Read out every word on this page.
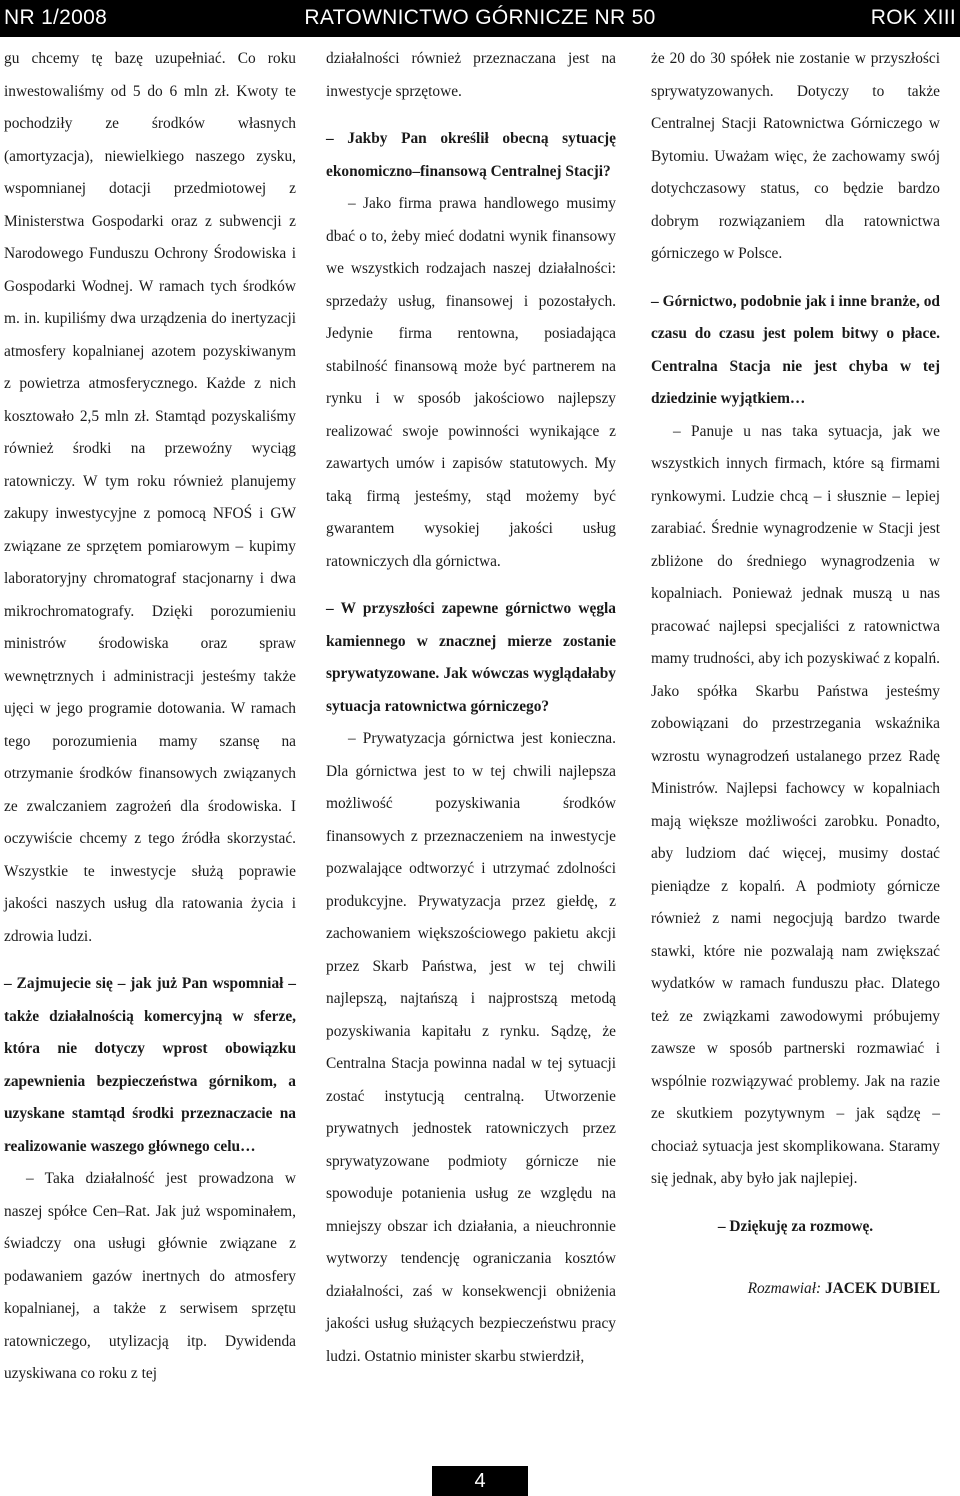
RATOWNICTWO GÓRNICZE NR 50
NR 1/2008	ROK XIII

gu chcemy tę bazę uzupełniać. Co roku inwestowaliśmy od 5 do 6 mln zł. Kwoty te pochodziły ze środków własnych (amortyzacja), niewielkiego naszego zysku, wspomnianej dotacji przedmiotowej z Ministerstwa Gospodarki oraz z subwencji z Narodowego Funduszu Ochrony Środowiska i Gospodarki Wodnej. W ramach tych środków m. in. kupiliśmy dwa urządzenia do inertyzacji atmosfery kopalnianej azotem pozyskiwanym z powietrza atmosferycznego. Każde z nich kosztowało 2,5 mln zł. Stamtąd pozyskaliśmy również środki na przewoźny wyciąg ratowniczy. W tym roku również planujemy zakupy inwestycyjne z pomocą NFOŚ i GW związane ze sprzętem pomiarowym – kupimy laboratoryjny chromatograf stacjonarny i dwa mikrochromatografy. Dzięki porozumieniu ministrów środowiska oraz spraw wewnętrznych i administracji jesteśmy także ujęci w jego programie dotowania. W ramach tego porozumienia mamy szansę na otrzymanie środków finansowych związanych ze zwalczaniem zagrożeń dla środowiska. I oczywiście chcemy z tego źródła skorzystać. Wszystkie te inwestycje służą poprawie jakości naszych usług dla ratowania życia i zdrowia ludzi.

– Zajmujecie się – jak już Pan wspomniał – także działalnością komercyjną w sferze, która nie dotyczy wprost obowiązku zapewnienia bezpieczeństwa górnikom, a uzyskane stamtąd środki przeznaczacie na realizowanie waszego głównego celu…

– Taka działalność jest prowadzona w naszej spółce Cen–Rat. Jak już wspominałem, świadczy ona usługi głównie związane z podawaniem gazów inertnych do atmosfery kopalnianej, a także z serwisem sprzętu ratowniczego, utylizacją itp. Dywidenda uzyskiwana co roku z tej

działalności również przeznaczana jest na inwestycje sprzętowe.

– Jakby Pan określił obecną sytuację ekonomiczno–finansową Centralnej Stacji?

– Jako firma prawa handlowego musimy dbać o to, żeby mieć dodatni wynik finansowy we wszystkich rodzajach naszej działalności: sprzedaży usług, finansowej i pozostałych. Jedynie firma rentowna, posiadająca stabilność finansową może być partnerem na rynku i w sposób jakościowo najlepszy realizować swoje powinności wynikające z zawartych umów i zapisów statutowych. My taką firmą jesteśmy, stąd możemy być gwarantem wysokiej jakości usług ratowniczych dla górnictwa.

– W przyszłości zapewne górnictwo węgla kamiennego w znacznej mierze zostanie sprywatyzowane. Jak wówczas wyglądałaby sytuacja ratownictwa górniczego?

– Prywatyzacja górnictwa jest konieczna. Dla górnictwa jest to w tej chwili najlepsza możliwość pozyskiwania środków finansowych z przeznaczeniem na inwestycje pozwalające odtworzyć i utrzymać zdolności produkcyjne. Prywatyzacja przez giełdę, z zachowaniem większościowego pakietu akcji przez Skarb Państwa, jest w tej chwili najlepszą, najtańszą i najprostszą metodą pozyskiwania kapitału z rynku. Sądzę, że Centralna Stacja powinna nadal w tej sytuacji zostać instytucją centralną. Utworzenie prywatnych jednostek ratowniczych przez sprywatyzowane podmioty górnicze nie spowoduje potanienia usług ze względu na mniejszy obszar ich działania, a nieuchronnie wytworzy tendencję ograniczania kosztów działalności, zaś w konsekwencji obniżenia jakości usług służących bezpieczeństwu pracy ludzi. Ostatnio minister skarbu stwierdził,

że 20 do 30 spółek nie zostanie w przyszłości sprywatyzowanych. Dotyczy to także Centralnej Stacji Ratownictwa Górniczego w Bytomiu. Uważam więc, że zachowamy swój dotychczasowy status, co będzie bardzo dobrym rozwiązaniem dla ratownictwa górniczego w Polsce.

– Górnictwo, podobnie jak i inne branże, od czasu do czasu jest polem bitwy o płace. Centralna Stacja nie jest chyba w tej dziedzinie wyjątkiem…

– Panuje u nas taka sytuacja, jak we wszystkich innych firmach, które są firmami rynkowymi. Ludzie chcą – i słusznie – lepiej zarabiać. Średnie wynagrodzenie w Stacji jest zbliżone do średniego wynagrodzenia w kopalniach. Ponieważ jednak muszą u nas pracować najlepsi specjaliści z ratownictwa mamy trudności, aby ich pozyskiwać z kopalń. Jako spółka Skarbu Państwa jesteśmy zobowiązani do przestrzegania wskaźnika wzrostu wynagrodzeń ustalanego przez Radę Ministrów. Najlepsi fachowcy w kopalniach mają większe możliwości zarobku. Ponadto, aby ludziom dać więcej, musimy dostać pieniądze z kopalń. A podmioty górnicze również z nami negocjują bardzo twarde stawki, które nie pozwalają nam zwiększać wydatków w ramach funduszu płac. Dlatego też ze związkami zawodowymi próbujemy zawsze w sposób partnerski rozmawiać i wspólnie rozwiązywać problemy. Jak na razie ze skutkiem pozytywnym – jak sądzę – chociaż sytuacja jest skomplikowana. Staramy się jednak, aby było jak najlepiej.

– Dziękuję za rozmowę.

Rozmawiał: JACEK DUBIEL

4
